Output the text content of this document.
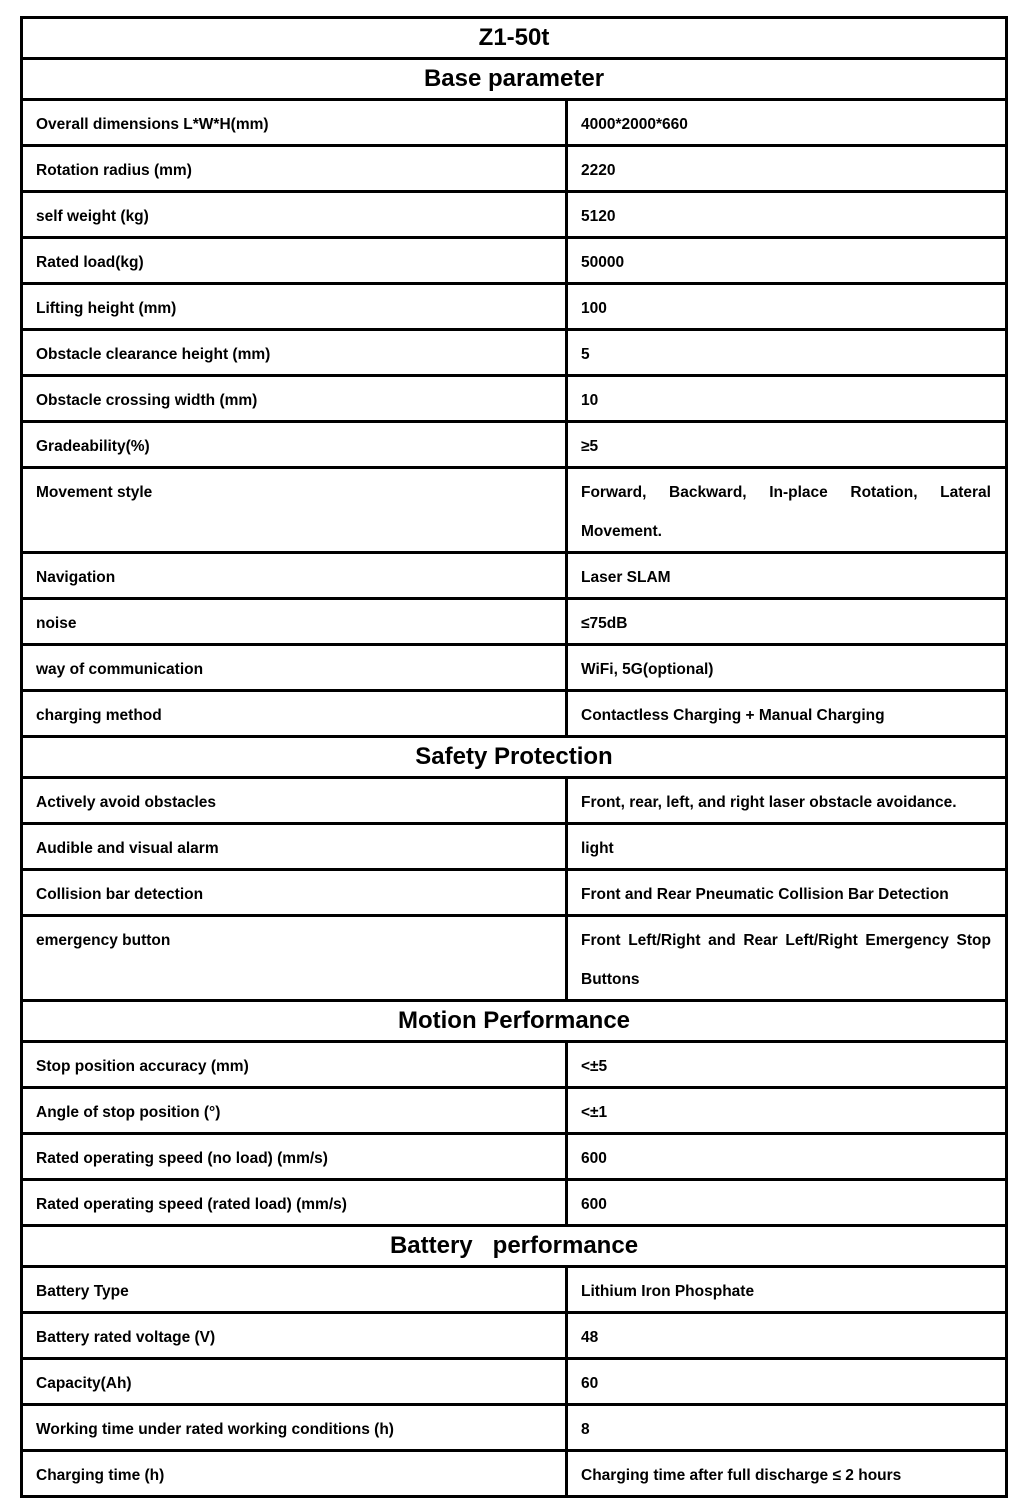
Z1-50t	
Base parameter	

Overall dimensions L*W*H(mm)	4000*2000*660

Rotation radius (mm)	2220

self weight (kg)	5120

Rated load(kg)	50000

Lifting height (mm)	100

Obstacle clearance height (mm)	5

Obstacle crossing width (mm)	10

Gradeability(%)	≥5

Movement style	Forward, Backward, In-place Rotation, Lateral Movement.

Navigation	Laser SLAM

noise	≤75dB

way of communication	WiFi, 5G(optional)

charging method	Contactless Charging + Manual Charging

Safety Protection	

Actively avoid obstacles	Front, rear, left, and right laser obstacle avoidance.

Audible and visual alarm	light

Collision bar detection	Front and Rear Pneumatic Collision Bar Detection

emergency button	Front Left/Right and Rear Left/Right Emergency Stop Buttons

Motion Performance	

Stop position accuracy (mm)	<±5

Angle of stop position (°)	<±1

Rated operating speed (no load) (mm/s)	600

Rated operating speed (rated load) (mm/s)	600

Battery   performance	

Battery Type	Lithium Iron Phosphate

Battery rated voltage (V)	48

Capacity(Ah)	60

Working time under rated working conditions (h)	8

Charging time (h)	Charging time after full discharge ≤ 2 hours
